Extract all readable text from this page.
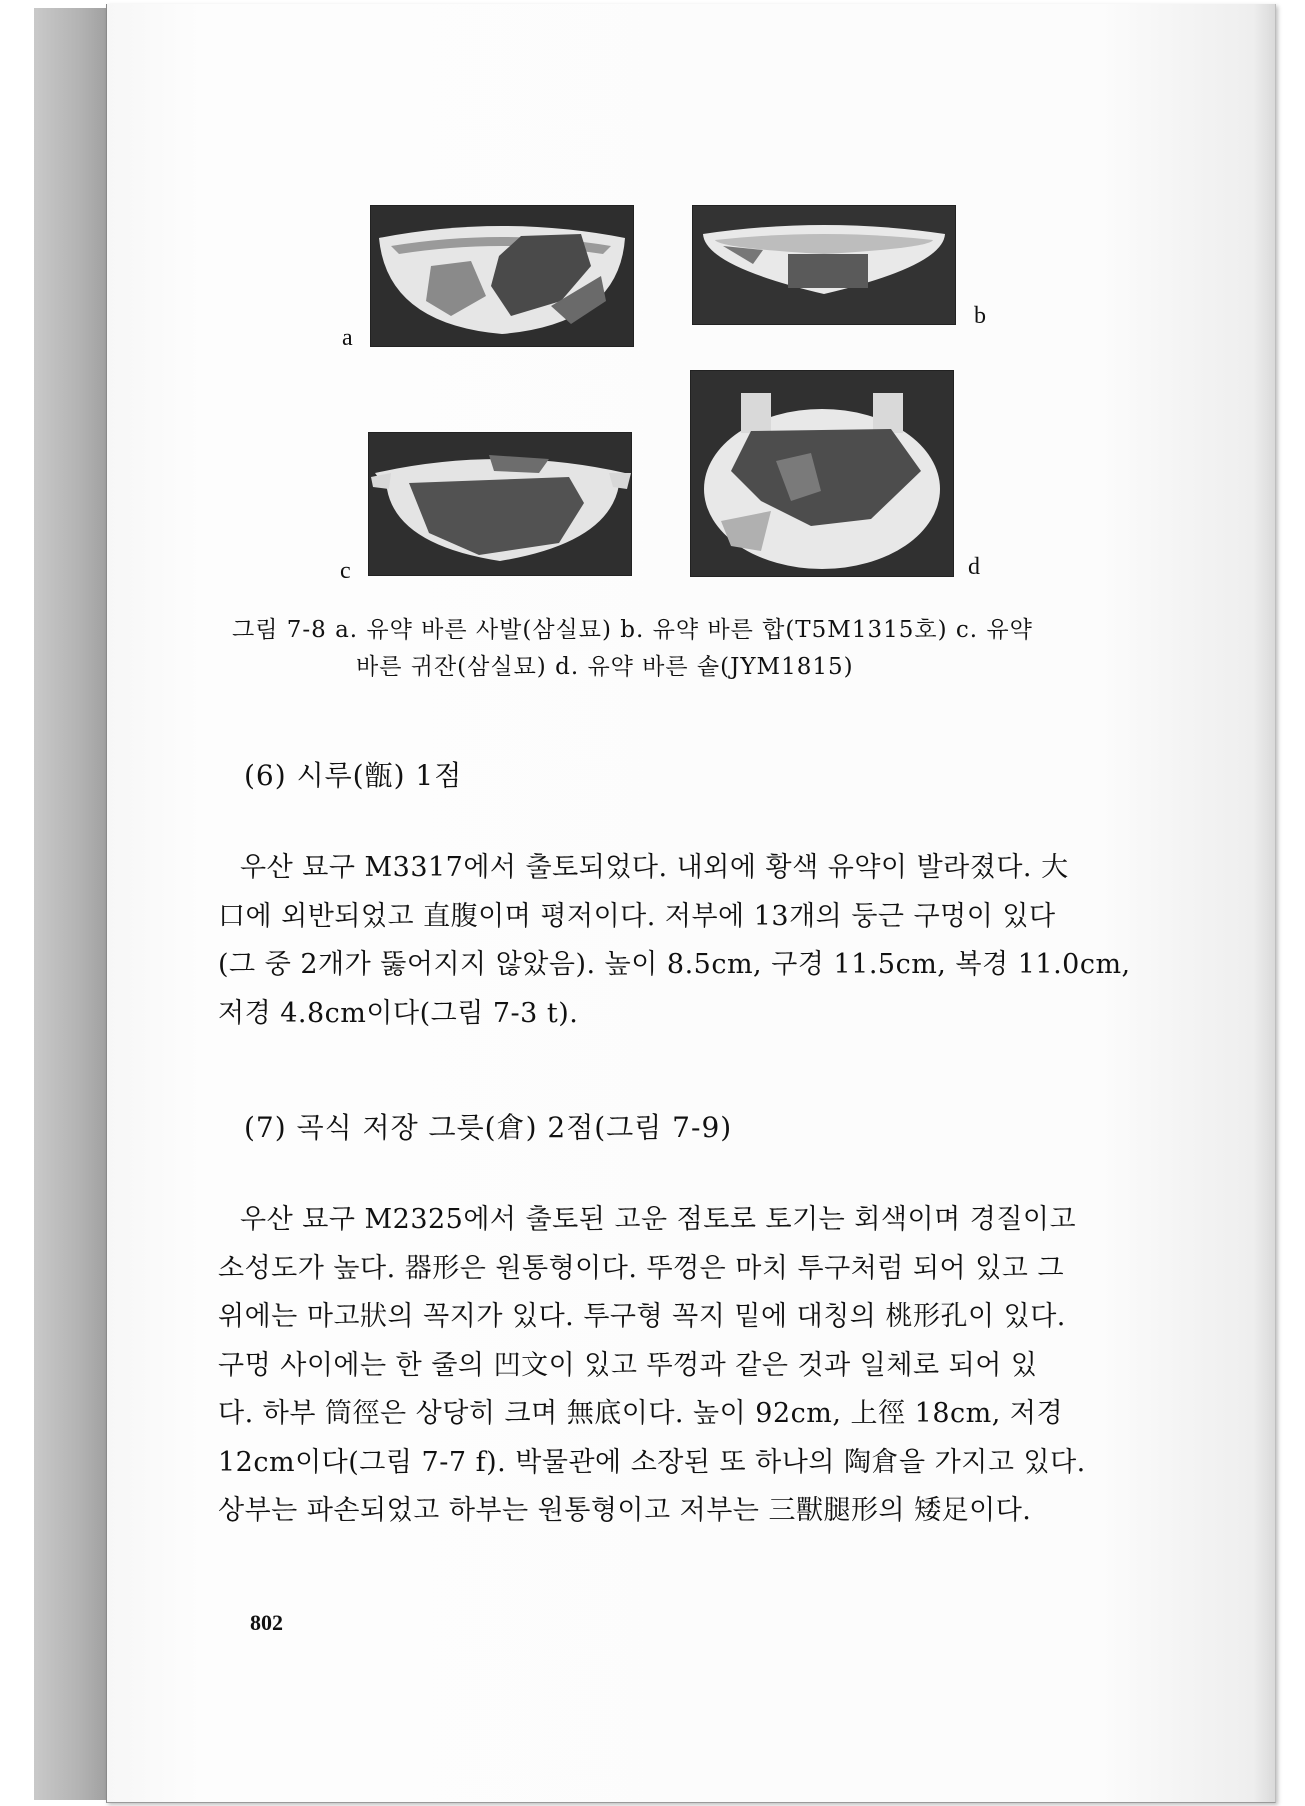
a
b
c	d
그림 7-8 a. 유약 바른 사발(삼실묘) b. 유약 바른 합(T5M1315호) c. 유약
바른 귀잔(삼실묘) d. 유약 바른 솥(JYM1815)
(6) 시루(甑) 1점
우산 묘구 M3317에서 출토되었다. 내외에 황색 유약이 발라졌다. 大
口에 외반되었고 直腹이며 평저이다. 저부에 13개의 둥근 구멍이 있다
(그 중 2개가 뚫어지지 않았음). 높이 8.5cm, 구경 11.5cm, 복경 11.0cm,
저경 4.8cm이다(그림 7-3 t).
(7) 곡식 저장 그릇(倉) 2점(그림 7-9)
우산 묘구 M2325에서 출토된 고운 점토로 토기는 회색이며 경질이고
소성도가 높다. 器形은 원통형이다. 뚜껑은 마치 투구처럼 되어 있고 그
위에는 마고狀의 꼭지가 있다. 투구형 꼭지 밑에 대칭의 桃形孔이 있다.
구멍 사이에는 한 줄의 凹文이 있고 뚜껑과 같은 것과 일체로 되어 있
다. 하부 筒徑은 상당히 크며 無底이다. 높이 92cm, 上徑 18cm, 저경
12cm이다(그림 7-7 f). 박물관에 소장된 또 하나의 陶倉을 가지고 있다.
상부는 파손되었고 하부는 원통형이고 저부는 三獸腿形의 矮足이다.
802
